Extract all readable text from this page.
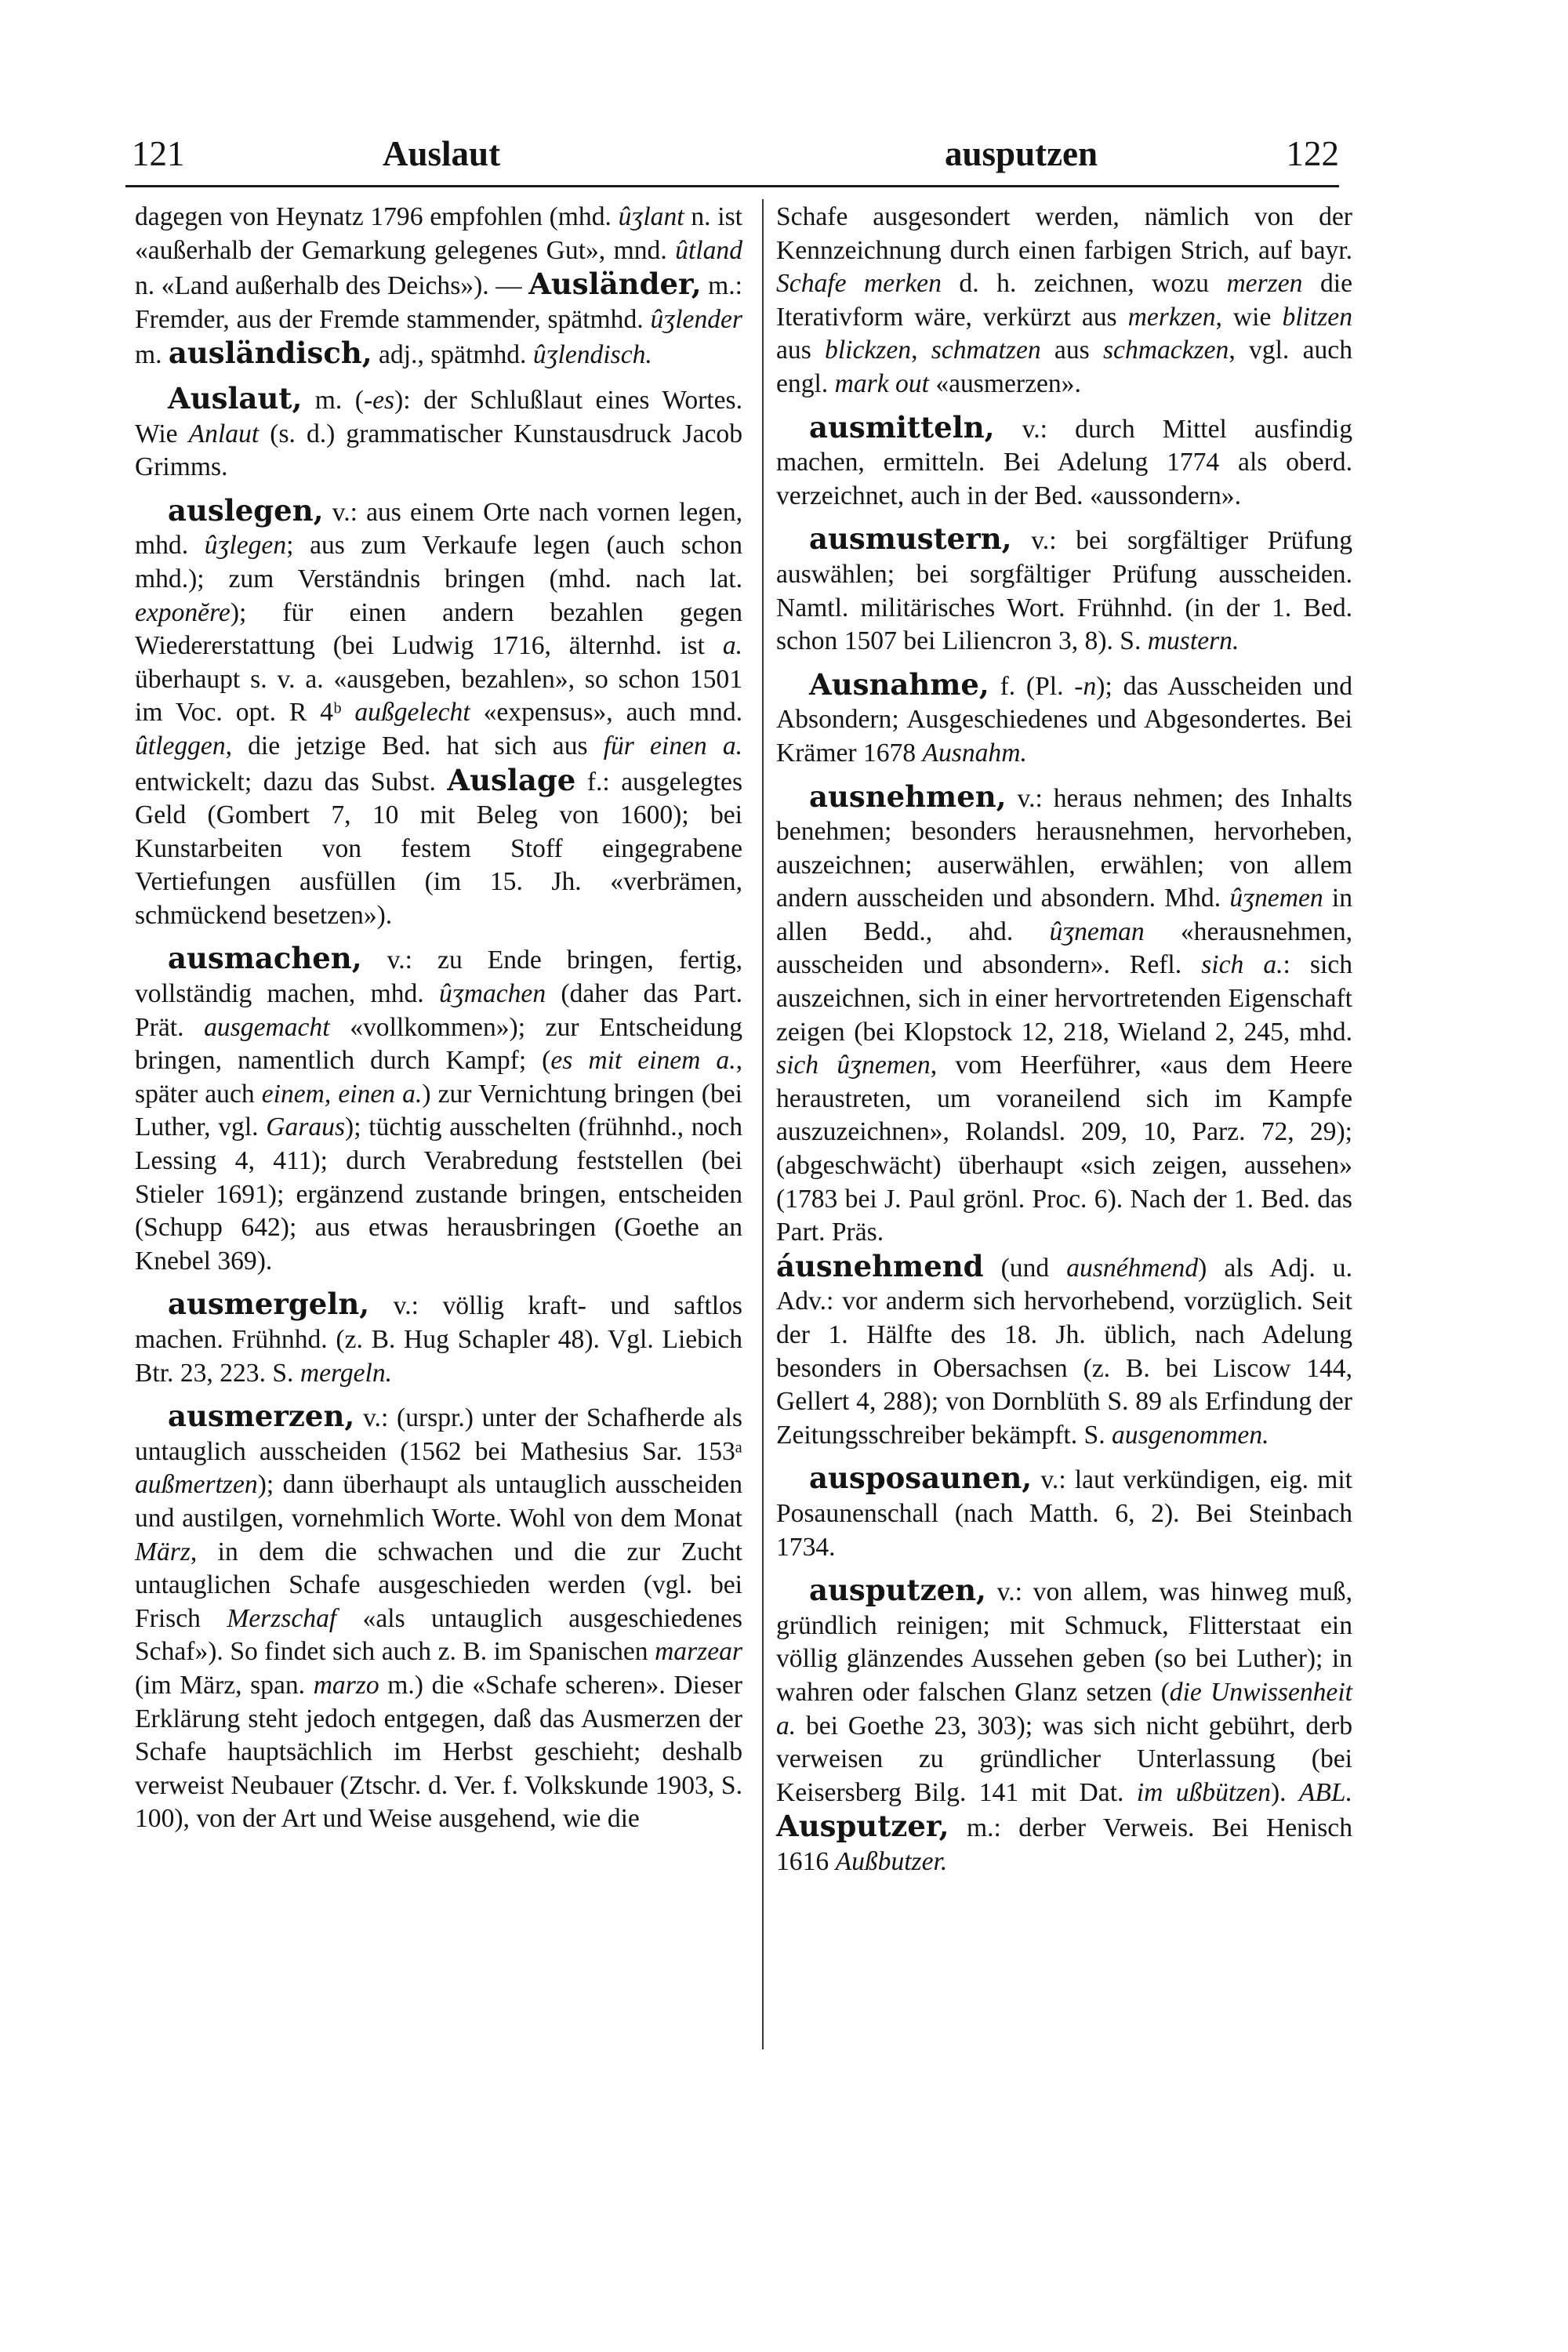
121	Auslaut	ausputzen	122

dagegen von Heynatz 1796 empfohlen (mhd. ûʒlant n. ist «außerhalb der Gemarkung gelegenes Gut», mnd. ûtland n. «Land außerhalb des Deichs»). — Ausländer, m.: Fremder, aus der Fremde stammender, spätmhd. ûʒlender m. ausländisch, adj., spätmhd. ûʒlendisch.

Auslaut, m. (-es): der Schlußlaut eines Wortes. Wie Anlaut (s. d.) grammatischer Kunstausdruck Jacob Grimms.

auslegen, v.: aus einem Orte nach vornen legen, mhd. ûʒlegen; aus zum Verkaufe legen (auch schon mhd.); zum Verständnis bringen (mhd. nach lat. exponĕre); für einen andern bezahlen gegen Wiedererstattung (bei Ludwig 1716, älternhd. ist a. überhaupt s. v. a. «ausgeben, bezahlen», so schon 1501 im Voc. opt. R 4ᵇ außgelecht «expensus», auch mnd. ûtleggen, die jetzige Bed. hat sich aus für einen a. entwickelt; dazu das Subst. Auslage f.: ausgelegtes Geld (Gombert 7, 10 mit Beleg von 1600); bei Kunstarbeiten von festem Stoff eingegrabene Vertiefungen ausfüllen (im 15. Jh. «verbrämen, schmückend besetzen»).

ausmachen, v.: zu Ende bringen, fertig, vollständig machen, mhd. ûʒmachen (daher das Part. Prät. ausgemacht «vollkommen»); zur Entscheidung bringen, namentlich durch Kampf; (es mit einem a., später auch einem, einen a.) zur Vernichtung bringen (bei Luther, vgl. Garaus); tüchtig ausschelten (frühnhd., noch Lessing 4, 411); durch Verabredung feststellen (bei Stieler 1691); ergänzend zustande bringen, entscheiden (Schupp 642); aus etwas herausbringen (Goethe an Knebel 369).

ausmergeln, v.: völlig kraft- und saftlos machen. Frühnhd. (z. B. Hug Schapler 48). Vgl. Liebich Btr. 23, 223. S. mergeln.

ausmerzen, v.: (urspr.) unter der Schafherde als untauglich ausscheiden (1562 bei Mathesius Sar. 153ᵃ außmertzen); dann überhaupt als untauglich ausscheiden und austilgen, vornehmlich Worte. Wohl von dem Monat März, in dem die schwachen und die zur Zucht untauglichen Schafe ausgeschieden werden (vgl. bei Frisch Merzschaf «als untauglich ausgeschiedenes Schaf»). So findet sich auch z. B. im Spanischen marzear (im März, span. marzo m.) die «Schafe scheren». Dieser Erklärung steht jedoch entgegen, daß das Ausmerzen der Schafe hauptsächlich im Herbst geschieht; deshalb verweist Neubauer (Ztschr. d. Ver. f. Volkskunde 1903, S. 100), von der Art und Weise ausgehend, wie die

Schafe ausgesondert werden, nämlich von der Kennzeichnung durch einen farbigen Strich, auf bayr. Schafe merken d. h. zeichnen, wozu merzen die Iterativform wäre, verkürzt aus merkzen, wie blitzen aus blickzen, schmatzen aus schmackzen, vgl. auch engl. mark out «ausmerzen».

ausmitteln, v.: durch Mittel ausfindig machen, ermitteln. Bei Adelung 1774 als oberd. verzeichnet, auch in der Bed. «aussondern».

ausmustern, v.: bei sorgfältiger Prüfung auswählen; bei sorgfältiger Prüfung ausscheiden. Namtl. militärisches Wort. Frühnhd. (in der 1. Bed. schon 1507 bei Liliencron 3, 8). S. mustern.

Ausnahme, f. (Pl. -n); das Ausscheiden und Absondern; Ausgeschiedenes und Abgesondertes. Bei Krämer 1678 Ausnahm.

ausnehmen, v.: heraus nehmen; des Inhalts benehmen; besonders herausnehmen, hervorheben, auszeichnen; auserwählen, erwählen; von allem andern ausscheiden und absondern. Mhd. ûʒnemen in allen Bedd., ahd. ûʒneman «herausnehmen, ausscheiden und absondern». Refl. sich a.: sich auszeichnen, sich in einer hervortretenden Eigenschaft zeigen (bei Klopstock 12, 218, Wieland 2, 245, mhd. sich ûʒnemen, vom Heerführer, «aus dem Heere heraustreten, um voraneilend sich im Kampfe auszuzeichnen», Rolandsl. 209, 10, Parz. 72, 29); (abgeschwächt) überhaupt «sich zeigen, aussehen» (1783 bei J. Paul grönl. Proc. 6). Nach der 1. Bed. das Part. Präs.

áusnehmend (und ausnéhmend) als Adj. u. Adv.: vor anderm sich hervorhebend, vorzüglich. Seit der 1. Hälfte des 18. Jh. üblich, nach Adelung besonders in Obersachsen (z. B. bei Liscow 144, Gellert 4, 288); von Dornblüth S. 89 als Erfindung der Zeitungsschreiber bekämpft. S. ausgenommen.

ausposaunen, v.: laut verkündigen, eig. mit Posaunenschall (nach Matth. 6, 2). Bei Steinbach 1734.

ausputzen, v.: von allem, was hinweg muß, gründlich reinigen; mit Schmuck, Flitterstaat ein völlig glänzendes Aussehen geben (so bei Luther); in wahren oder falschen Glanz setzen (die Unwissenheit a. bei Goethe 23, 303); was sich nicht gebührt, derb verweisen zu gründlicher Unterlassung (bei Keisersberg Bilg. 141 mit Dat. im ußbützen). ABL. Ausputzer, m.: derber Verweis. Bei Henisch 1616 Außbutzer.
